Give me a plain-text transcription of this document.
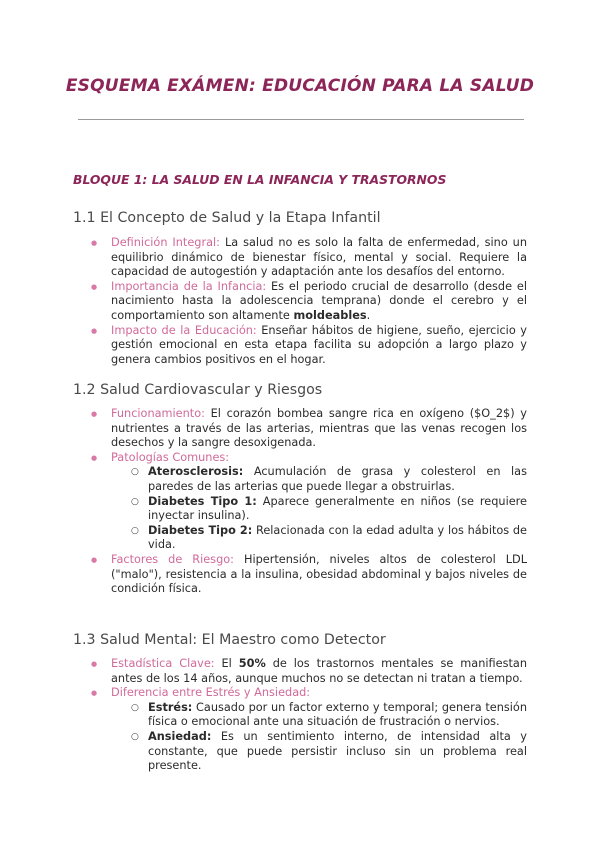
ESQUEMA EXÁMEN: EDUCACIÓN PARA LA SALUD
BLOQUE 1: LA SALUD EN LA INFANCIA Y TRASTORNOS
1.1 El Concepto de Salud y la Etapa Infantil
● Definición Integral: La salud no es solo la falta de enfermedad, sino un equilibrio dinámico de bienestar físico, mental y social. Requiere la capacidad de autogestión y adaptación ante los desafíos del entorno.
● Importancia de la Infancia: Es el periodo crucial de desarrollo (desde el nacimiento hasta la adolescencia temprana) donde el cerebro y el comportamiento son altamente moldeables.
● Impacto de la Educación: Enseñar hábitos de higiene, sueño, ejercicio y gestión emocional en esta etapa facilita su adopción a largo plazo y genera cambios positivos en el hogar.
1.2 Salud Cardiovascular y Riesgos
● Funcionamiento: El corazón bombea sangre rica en oxígeno ($O_2$) y nutrientes a través de las arterias, mientras que las venas recogen los desechos y la sangre desoxigenada.
● Patologías Comunes:
○ Aterosclerosis: Acumulación de grasa y colesterol en las paredes de las arterias que puede llegar a obstruirlas.
○ Diabetes Tipo 1: Aparece generalmente en niños (se requiere inyectar insulina).
○ Diabetes Tipo 2: Relacionada con la edad adulta y los hábitos de vida.
● Factores de Riesgo: Hipertensión, niveles altos de colesterol LDL ("malo"), resistencia a la insulina, obesidad abdominal y bajos niveles de condición física.
1.3 Salud Mental: El Maestro como Detector
● Estadística Clave: El 50% de los trastornos mentales se manifiestan antes de los 14 años, aunque muchos no se detectan ni tratan a tiempo.
● Diferencia entre Estrés y Ansiedad:
○ Estrés: Causado por un factor externo y temporal; genera tensión física o emocional ante una situación de frustración o nervios.
○ Ansiedad: Es un sentimiento interno, de intensidad alta y constante, que puede persistir incluso sin un problema real presente.
